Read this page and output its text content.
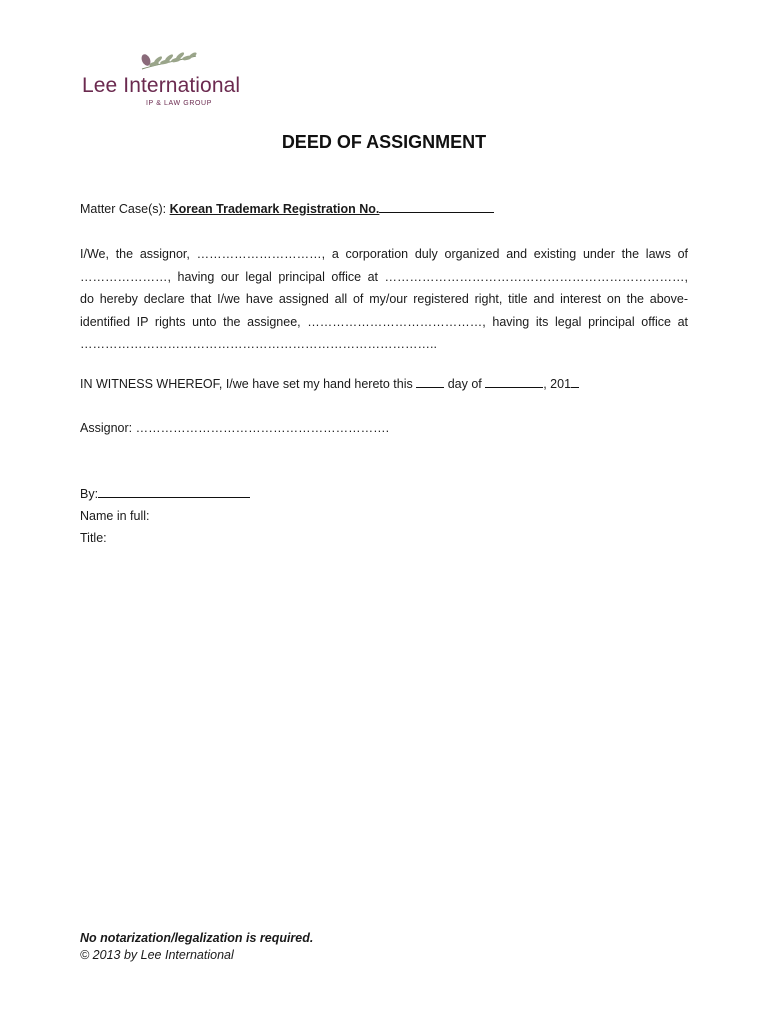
Lee International
IP & LAW GROUP
DEED OF ASSIGNMENT
Matter Case(s): Korean Trademark Registration No.
I/We, the assignor, …………………………, a corporation duly organized and existing under the laws of
…………………, having our legal principal office at ………………………………………………………………,
do hereby declare that I/we have assigned all of my/our registered right, title and interest on the above-
identified IP rights unto the assignee, ……………………………………, having its legal principal office at
…………………………………………………………………………..
IN WITNESS WHEREOF, I/we have set my hand hereto this  day of	, 201
Assignor: …………………………………………………….
By:
Name in full:
Title:
No notarization/legalization is required.
© 2013 by Lee International
